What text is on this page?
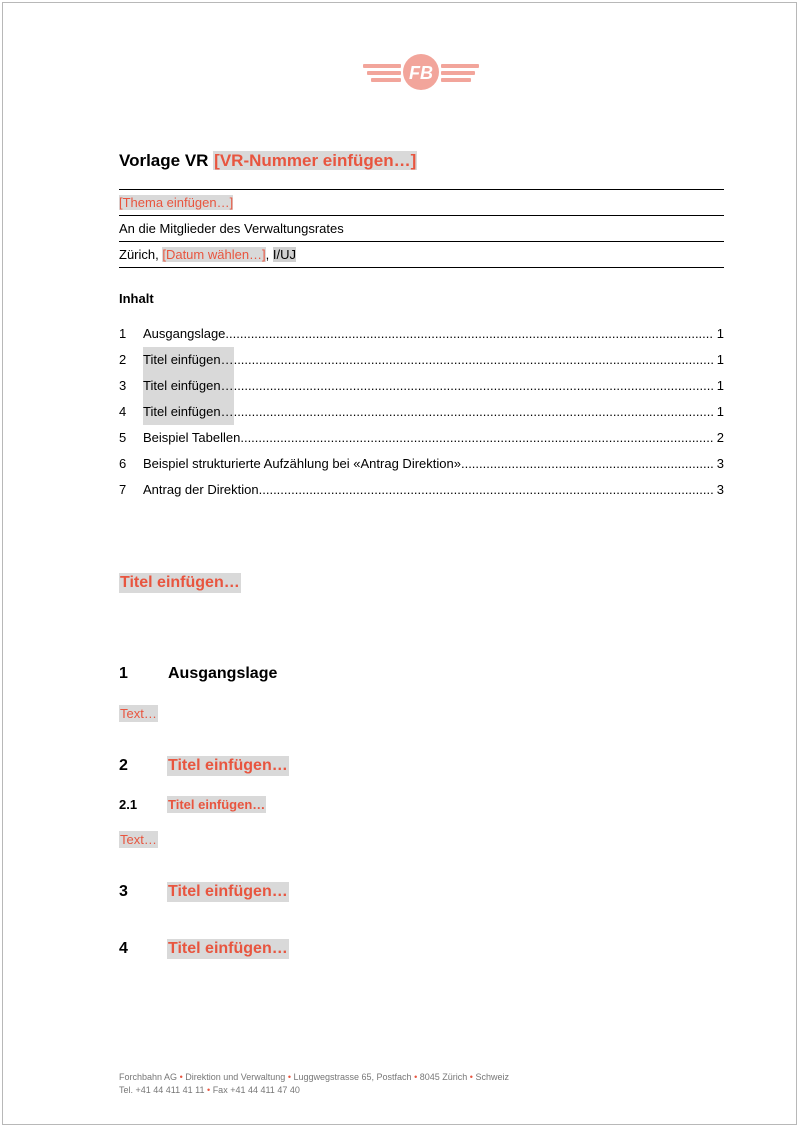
FB
Vorlage VR [VR-Nummer einfügen…]
[Thema einfügen…]
An die Mitglieder des Verwaltungsrates
Zürich, [Datum wählen…], I/UJ
Inhalt
1	Ausgangslage .....	1
2	Titel einfügen… .....	1
3	Titel einfügen… .....	1
4	Titel einfügen… .....	1
5	Beispiel Tabellen .....	2
6	Beispiel strukturierte Aufzählung bei «Antrag Direktion» .....	3
7	Antrag der Direktion .....	3
Titel einfügen…
1	Ausgangslage
Text…
2	Titel einfügen…
2.1	Titel einfügen…
Text…
3	Titel einfügen…
4	Titel einfügen…
Forchbahn AG • Direktion und Verwaltung • Luggwegstrasse 65, Postfach • 8045 Zürich • Schweiz
Tel. +41 44 411 41 11 • Fax +41 44 411 47 40
